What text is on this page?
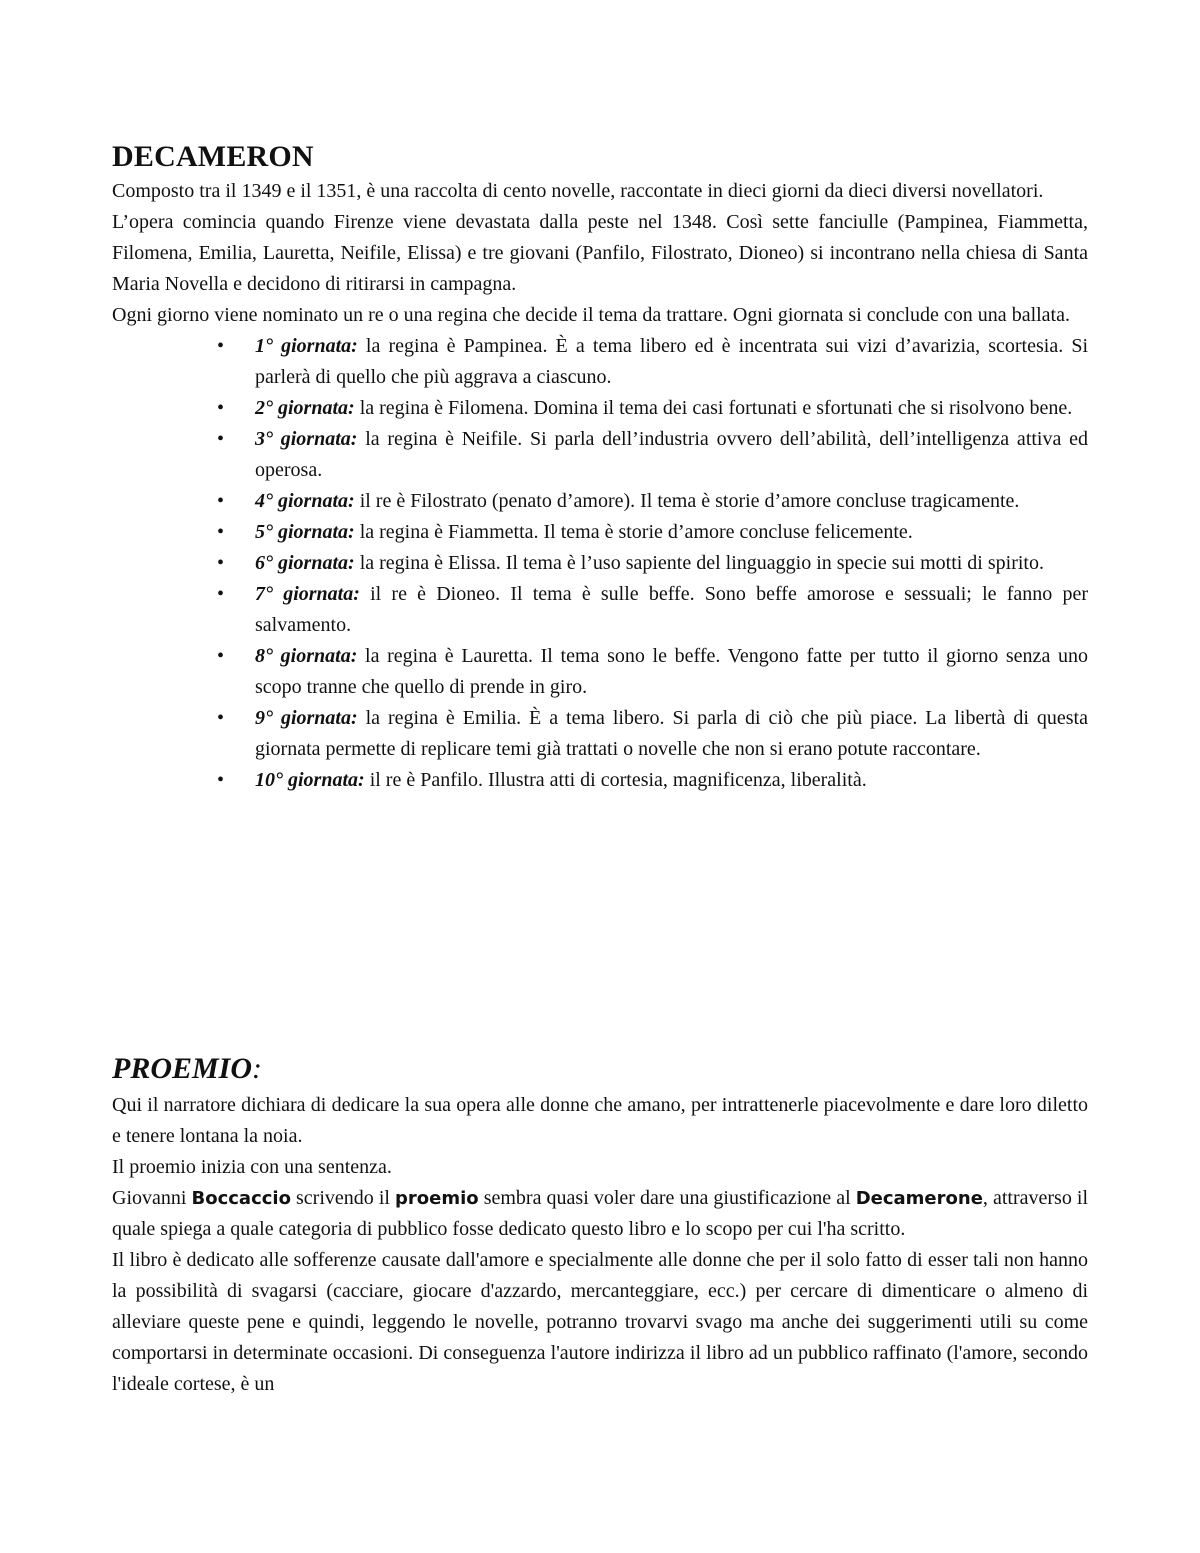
DECAMERON

Composto tra il 1349 e il 1351, è una raccolta di cento novelle, raccontate in dieci giorni da dieci diversi novellatori.

L’opera comincia quando Firenze viene devastata dalla peste nel 1348. Così sette fanciulle (Pampinea, Fiammetta, Filomena, Emilia, Lauretta, Neifile, Elissa) e tre giovani (Panfilo, Filostrato, Dioneo) si incontrano nella chiesa di Santa Maria Novella e decidono di ritirarsi in campagna.

Ogni giorno viene nominato un re o una regina che decide il tema da trattare. Ogni giornata si conclude con una ballata.

• 1° giornata: la regina è Pampinea. È a tema libero ed è incentrata sui vizi d’avarizia, scortesia. Si parlerà di quello che più aggrava a ciascuno.
• 2° giornata: la regina è Filomena. Domina il tema dei casi fortunati e sfortunati che si risolvono bene.
• 3° giornata: la regina è Neifile. Si parla dell’industria ovvero dell’abilità, dell’intelligenza attiva ed operosa.
• 4° giornata: il re è Filostrato (penato d’amore). Il tema è storie d’amore concluse tragicamente.
• 5° giornata: la regina è Fiammetta. Il tema è storie d’amore concluse felicemente.
• 6° giornata: la regina è Elissa. Il tema è l’uso sapiente del linguaggio in specie sui motti di spirito.
• 7° giornata: il re è Dioneo. Il tema è sulle beffe. Sono beffe amorose e sessuali; le fanno per salvamento.
• 8° giornata: la regina è Lauretta. Il tema sono le beffe. Vengono fatte per tutto il giorno senza uno scopo tranne che quello di prende in giro.
• 9° giornata: la regina è Emilia. È a tema libero. Si parla di ciò che più piace. La libertà di questa giornata permette di replicare temi già trattati o novelle che non si erano potute raccontare.
• 10° giornata: il re è Panfilo. Illustra atti di cortesia, magnificenza, liberalità.
PROEMIO:

Qui il narratore dichiara di dedicare la sua opera alle donne che amano, per intrattenerle piacevolmente e dare loro diletto e tenere lontana la noia.

Il proemio inizia con una sentenza.

Giovanni Boccaccio scrivendo il proemio sembra quasi voler dare una giustificazione al Decamerone, attraverso il quale spiega a quale categoria di pubblico fosse dedicato questo libro e lo scopo per cui l'ha scritto.

Il libro è dedicato alle sofferenze causate dall'amore e specialmente alle donne che per il solo fatto di esser tali non hanno la possibilità di svagarsi (cacciare, giocare d'azzardo, mercanteggiare, ecc.) per cercare di dimenticare o almeno di alleviare queste pene e quindi, leggendo le novelle, potranno trovarvi svago ma anche dei suggerimenti utili su come comportarsi in determinate occasioni. Di conseguenza l'autore indirizza il libro ad un pubblico raffinato (l'amore, secondo l'ideale cortese, è un
